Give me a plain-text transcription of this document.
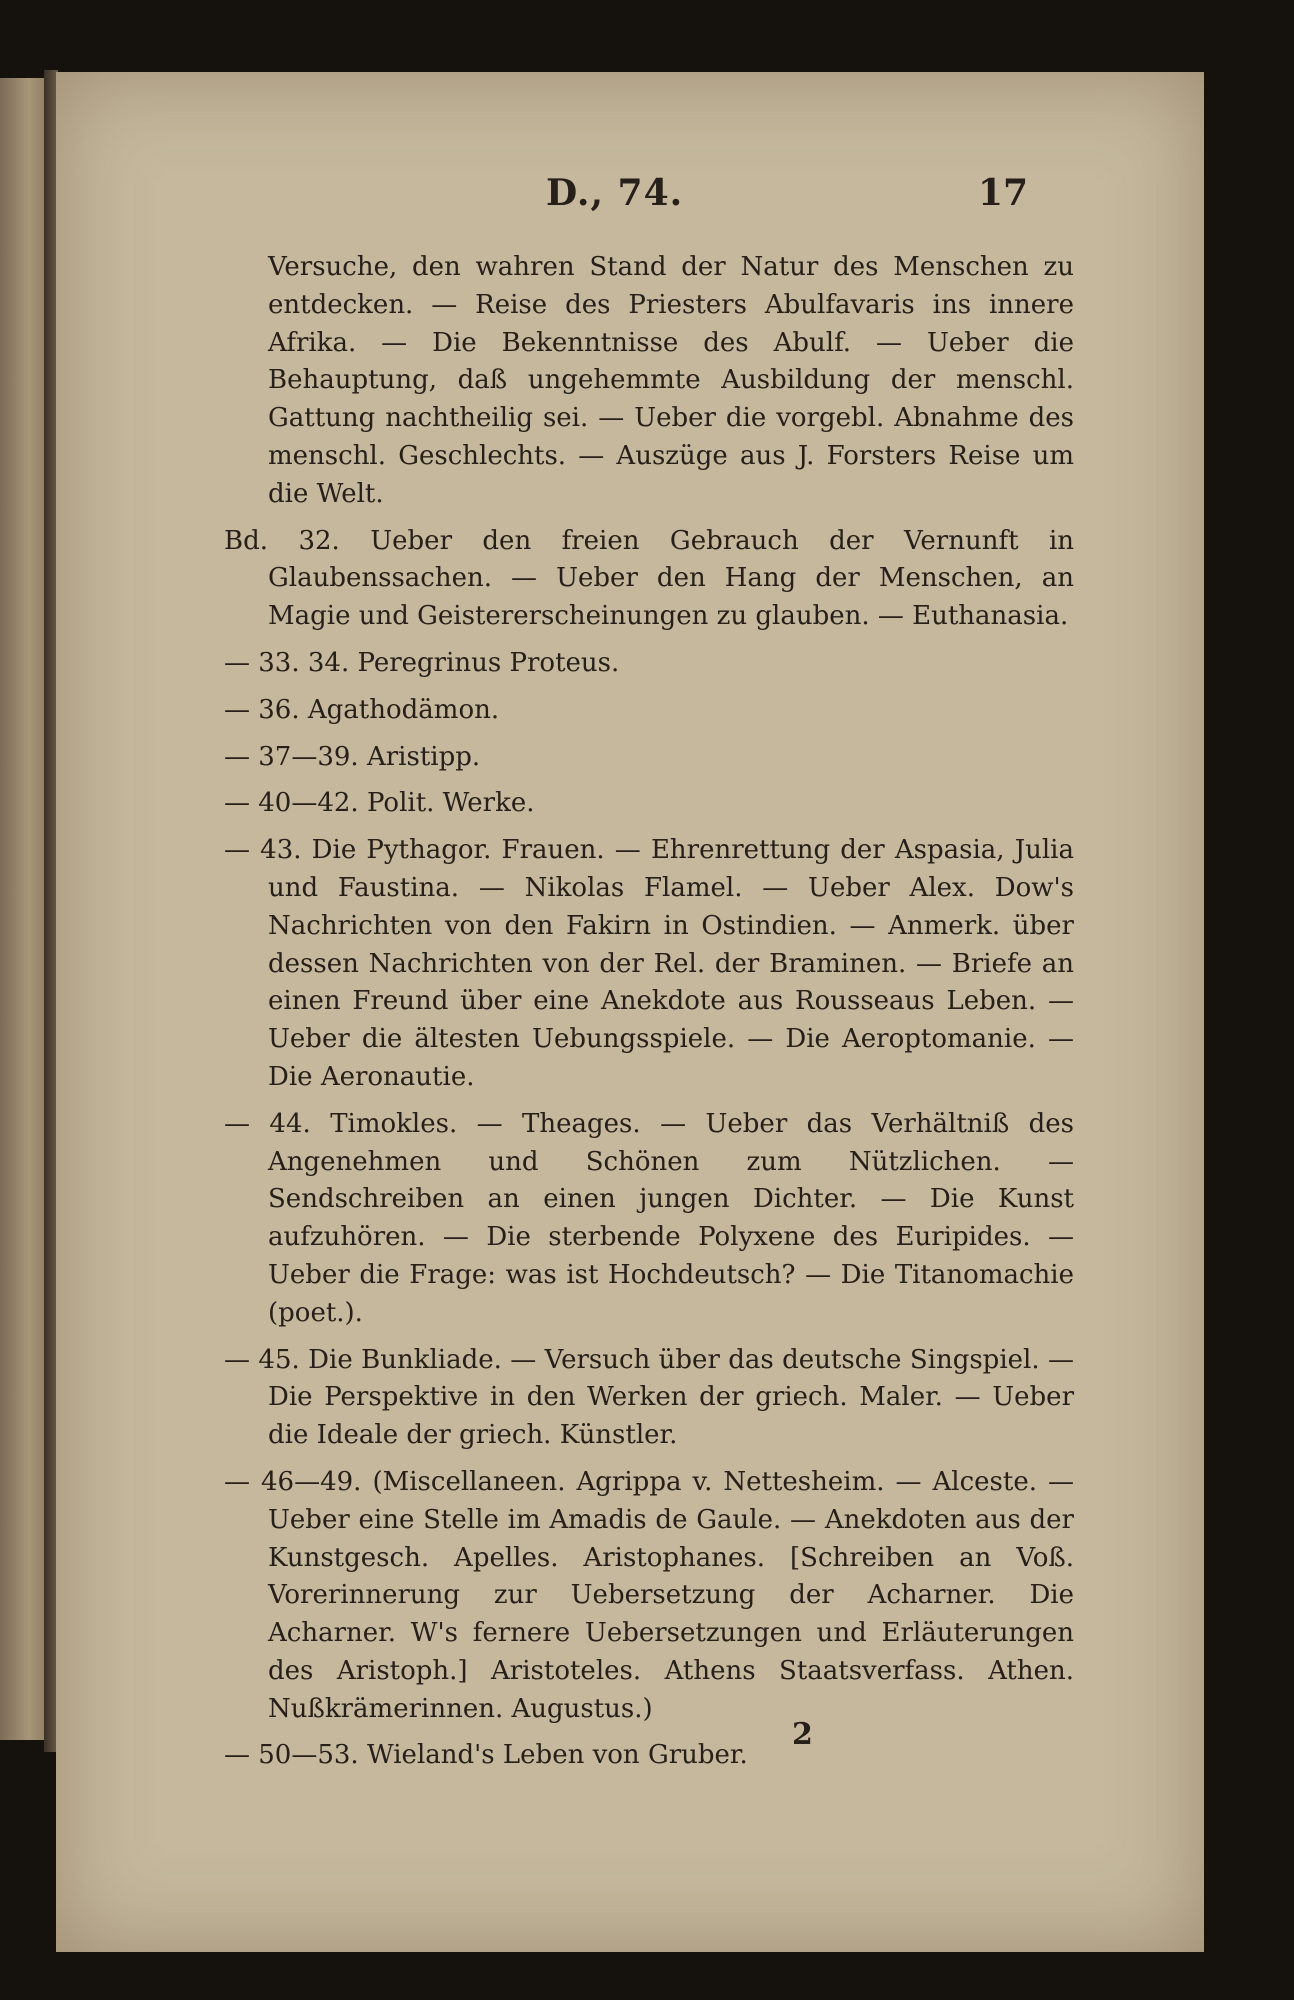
D., 74.	17
Versuche, den wahren Stand der Natur des Menschen zu entdecken. — Reise des Priesters Abulfavaris ins innere Afrika. — Die Bekenntnisse des Abulf. — Ueber die Behauptung, daß ungehemmte Ausbildung der menschl. Gattung nachtheilig sei. — Ueber die vorgebl. Abnahme des menschl. Geschlechts. — Auszüge aus J. Forsters Reise um die Welt.
Bd. 32. Ueber den freien Gebrauch der Vernunft in Glaubenssachen. — Ueber den Hang der Menschen, an Magie und Geistererscheinungen zu glauben. — Euthanasia.
— 33. 34. Peregrinus Proteus.
— 36. Agathodämon.
— 37—39. Aristipp.
— 40—42. Polit. Werke.
— 43. Die Pythagor. Frauen. — Ehrenrettung der Aspasia, Julia und Faustina. — Nikolas Flamel. — Ueber Alex. Dow's Nachrichten von den Fakirn in Ostindien. — Anmerk. über dessen Nachrichten von der Rel. der Braminen. — Briefe an einen Freund über eine Anekdote aus Rousseaus Leben. — Ueber die ältesten Uebungsspiele. — Die Aeroptomanie. — Die Aeronautie.
— 44. Timokles. — Theages. — Ueber das Verhältniß des Angenehmen und Schönen zum Nützlichen. — Sendschreiben an einen jungen Dichter. — Die Kunst aufzuhören. — Die sterbende Polyxene des Euripides. — Ueber die Frage: was ist Hochdeutsch? — Die Titanomachie (poet.).
— 45. Die Bunkliade. — Versuch über das deutsche Singspiel. — Die Perspektive in den Werken der griech. Maler. — Ueber die Ideale der griech. Künstler.
— 46—49. (Miscellaneen. Agrippa v. Nettesheim. — Alceste. — Ueber eine Stelle im Amadis de Gaule. — Anekdoten aus der Kunstgesch. Apelles. Aristophanes. [Schreiben an Voß. Vorerinnerung zur Uebersetzung der Acharner. Die Acharner. W's fernere Uebersetzungen und Erläuterungen des Aristoph.] Aristoteles. Athens Staatsverfass. Athen. Nußkrämerinnen. Augustus.)
— 50—53. Wieland's Leben von Gruber.
2
